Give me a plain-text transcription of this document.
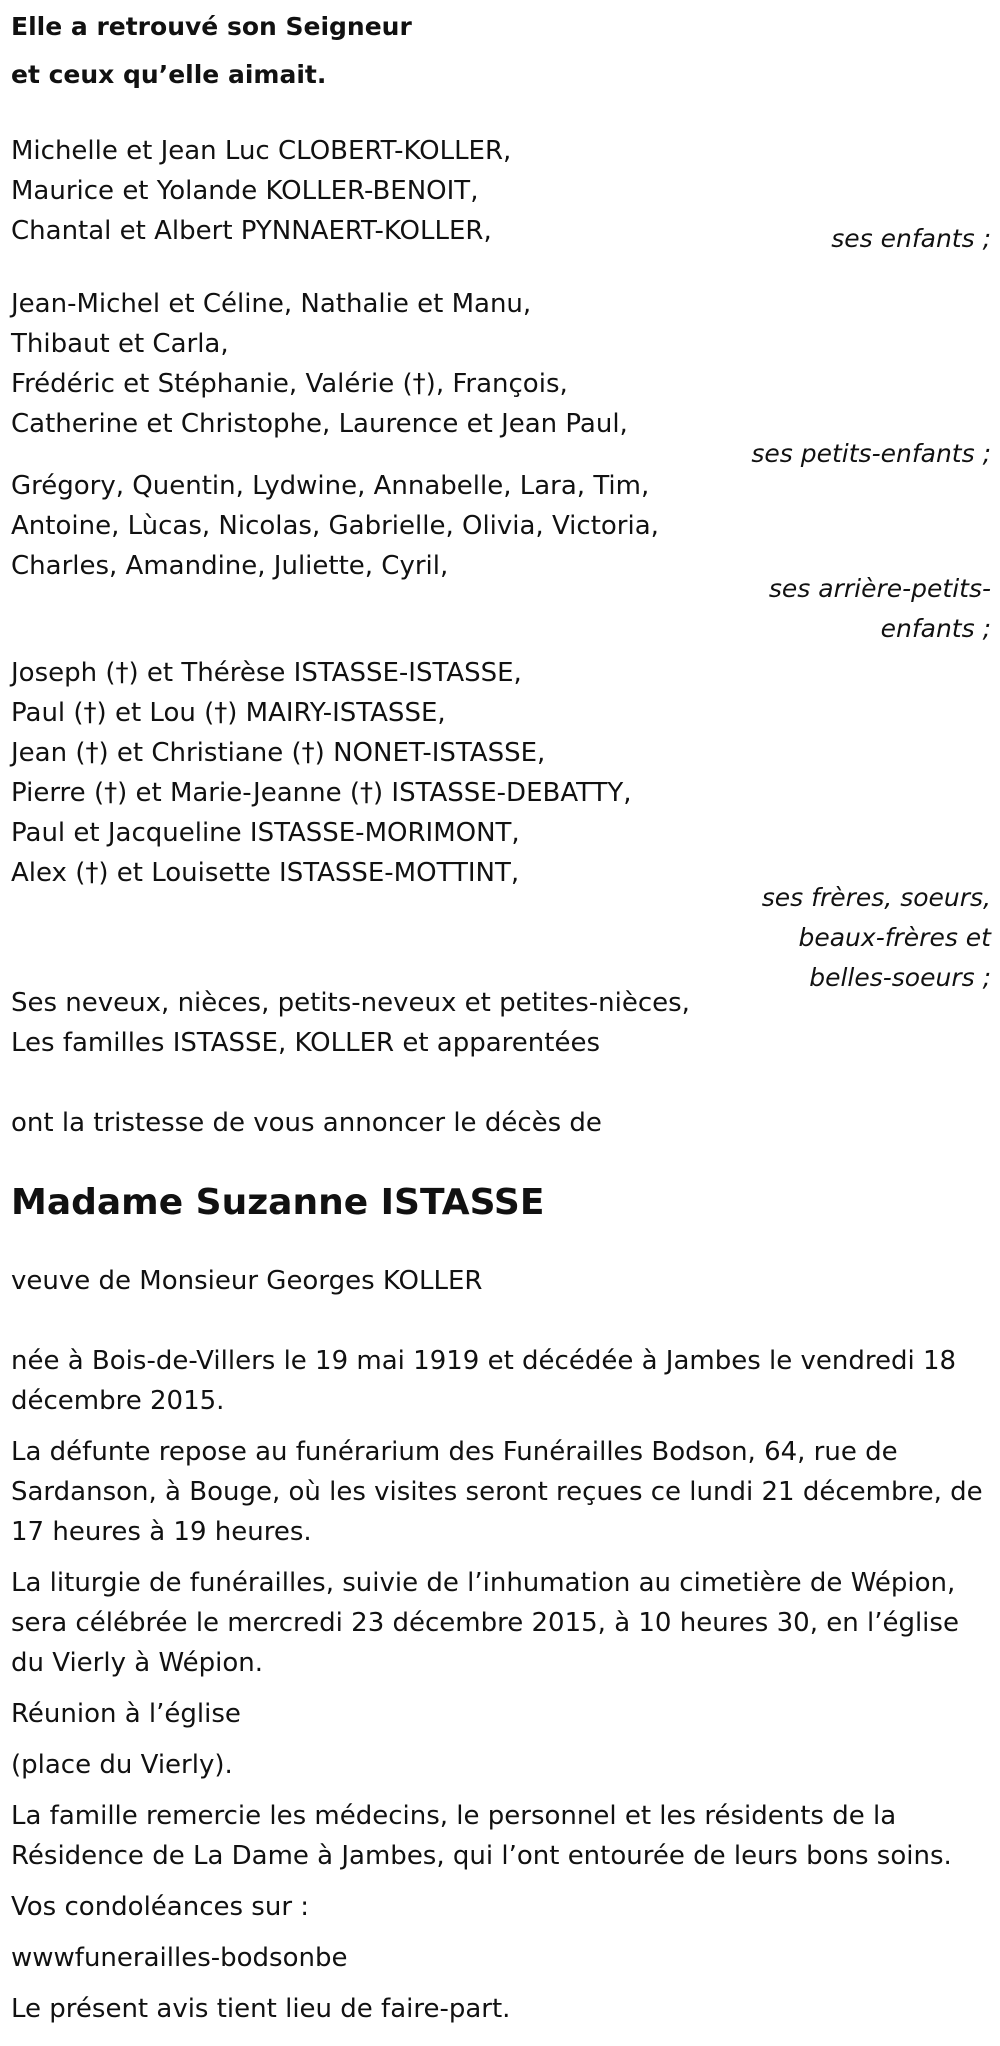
Elle a retrouvé son Seigneur
et ceux qu’elle aimait.
Michelle et Jean Luc CLOBERT-KOLLER,
Maurice et Yolande KOLLER-BENOIT,
Chantal et Albert PYNNAERT-KOLLER,	ses enfants ;
Jean-Michel et Céline, Nathalie et Manu,
Thibaut et Carla,
Frédéric et Stéphanie, Valérie (†), François,
Catherine et Christophe, Laurence et Jean Paul,
ses petits-enfants ;
Grégory, Quentin, Lydwine, Annabelle, Lara, Tim,
Antoine, Lùcas, Nicolas, Gabrielle, Olivia, Victoria,
Charles, Amandine, Juliette, Cyril,
ses arrière-petits-
enfants ;
Joseph (†) et Thérèse ISTASSE-ISTASSE,
Paul (†) et Lou (†) MAIRY-ISTASSE,
Jean (†) et Christiane (†) NONET-ISTASSE,
Pierre (†) et Marie-Jeanne (†) ISTASSE-DEBATTY,
Paul et Jacqueline ISTASSE-MORIMONT,
Alex (†) et Louisette ISTASSE-MOTTINT,
ses frères, soeurs,
beaux-frères et
belles-soeurs ;
Ses neveux, nièces, petits-neveux et petites-nièces,
Les familles ISTASSE, KOLLER et apparentées
ont la tristesse de vous annoncer le décès de
Madame Suzanne ISTASSE
veuve de Monsieur Georges KOLLER
née à Bois-de-Villers le 19 mai 1919 et décédée à Jambes le vendredi 18
décembre 2015.
La défunte repose au funérarium des Funérailles Bodson, 64, rue de
Sardanson, à Bouge, où les visites seront reçues ce lundi 21 décembre, de
17 heures à 19 heures.
La liturgie de funérailles, suivie de l’inhumation au cimetière de Wépion,
sera célébrée le mercredi 23 décembre 2015, à 10 heures 30, en l’église
du Vierly à Wépion.
Réunion à l’église
(place du Vierly).
La famille remercie les médecins, le personnel et les résidents de la
Résidence de La Dame à Jambes, qui l’ont entourée de leurs bons soins.
Vos condoléances sur :
wwwfunerailles-bodsonbe
Le présent avis tient lieu de faire-part.
